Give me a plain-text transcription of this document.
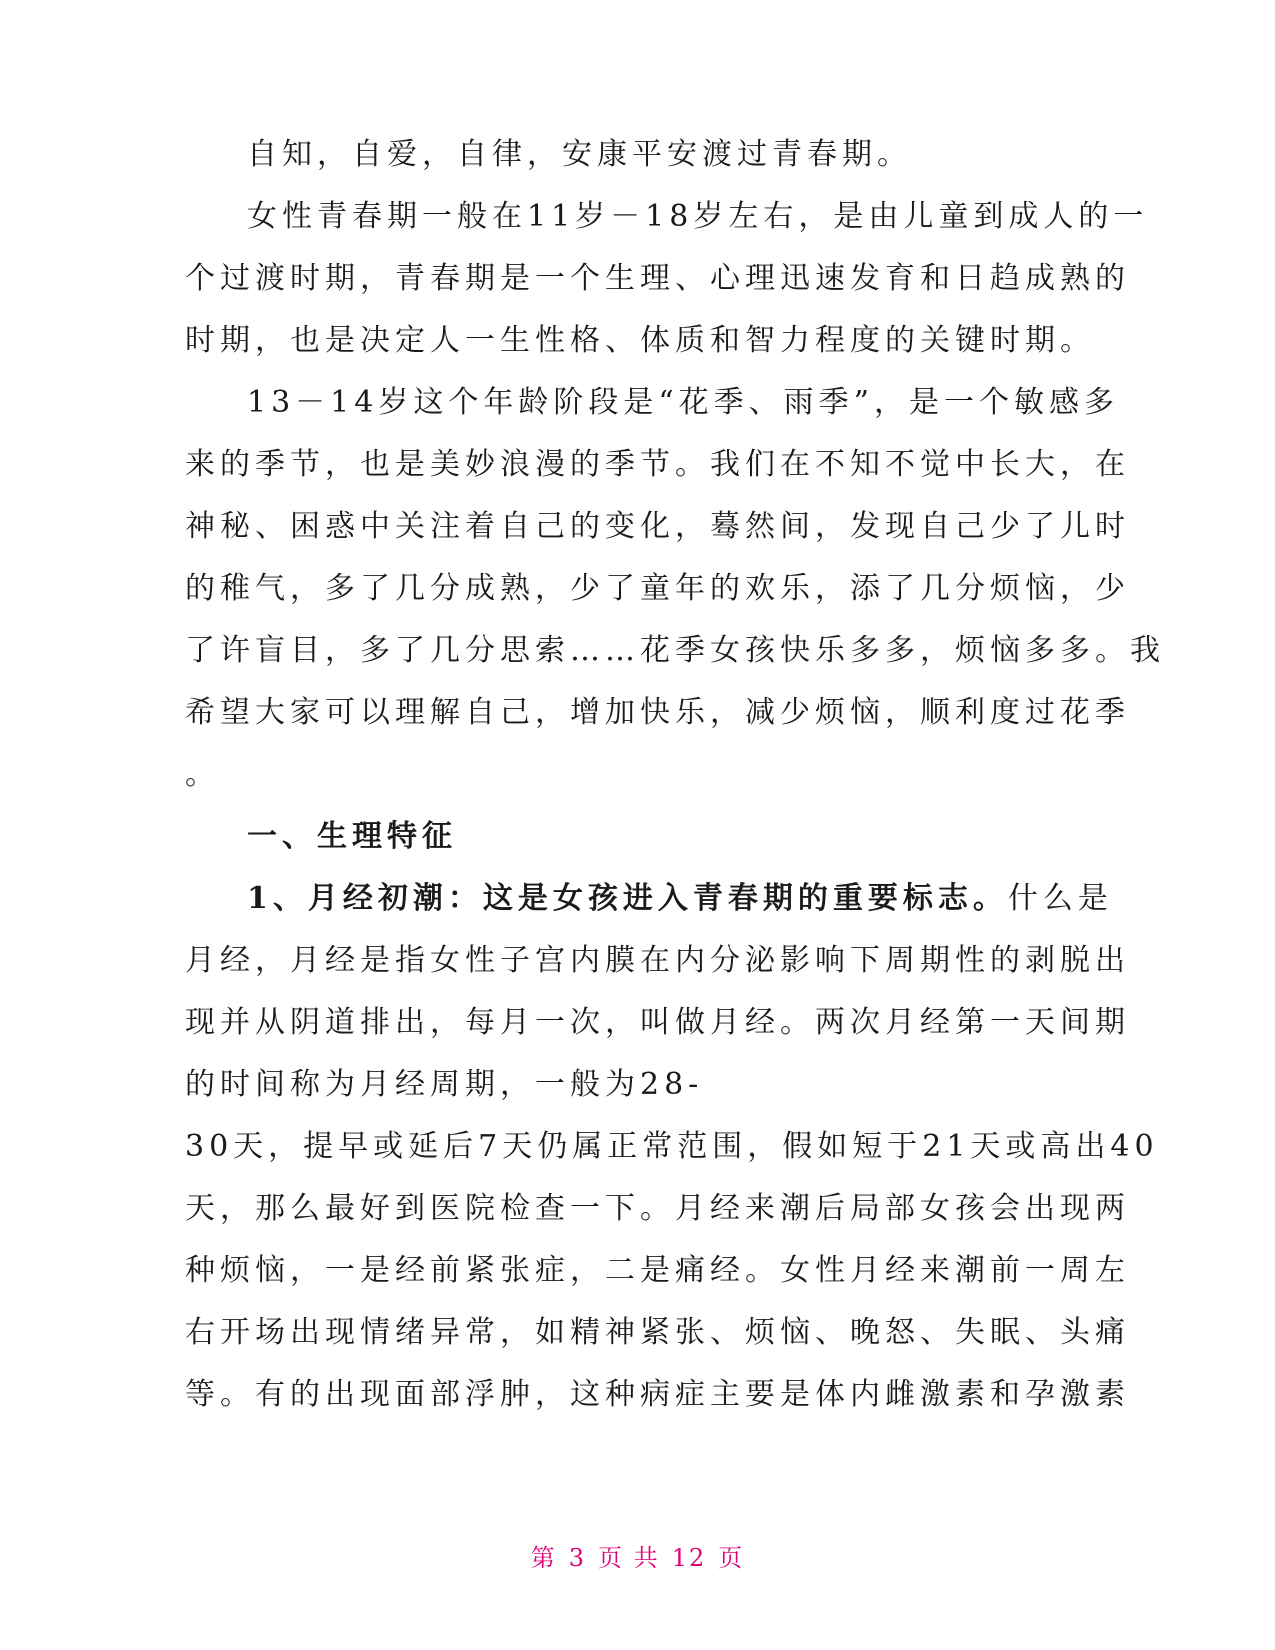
自知，自爱，自律，安康平安渡过青春期。
女性青春期一般在11岁－18岁左右，是由儿童到成人的一
个过渡时期，青春期是一个生理、心理迅速发育和日趋成熟的
时期，也是决定人一生性格、体质和智力程度的关键时期。
13－14岁这个年龄阶段是“花季、雨季”，是一个敏感多
来的季节，也是美妙浪漫的季节。我们在不知不觉中长大，在
神秘、困惑中关注着自己的变化，蓦然间，发现自己少了儿时
的稚气，多了几分成熟，少了童年的欢乐，添了几分烦恼，少
了许盲目，多了几分思索……花季女孩快乐多多，烦恼多多。我
希望大家可以理解自己，增加快乐，减少烦恼，顺利度过花季
。
一、生理特征
1、月经初潮：这是女孩进入青春期的重要标志。什么是
月经，月经是指女性子宫内膜在内分泌影响下周期性的剥脱出
现并从阴道排出，每月一次，叫做月经。两次月经第一天间期
的时间称为月经周期，一般为28-
30天，提早或延后7天仍属正常范围，假如短于21天或高出40
天，那么最好到医院检查一下。月经来潮后局部女孩会出现两
种烦恼，一是经前紧张症，二是痛经。女性月经来潮前一周左
右开场出现情绪异常，如精神紧张、烦恼、晚怒、失眠、头痛
等。有的出现面部浮肿，这种病症主要是体内雌激素和孕激素
第 3 页 共 12 页
